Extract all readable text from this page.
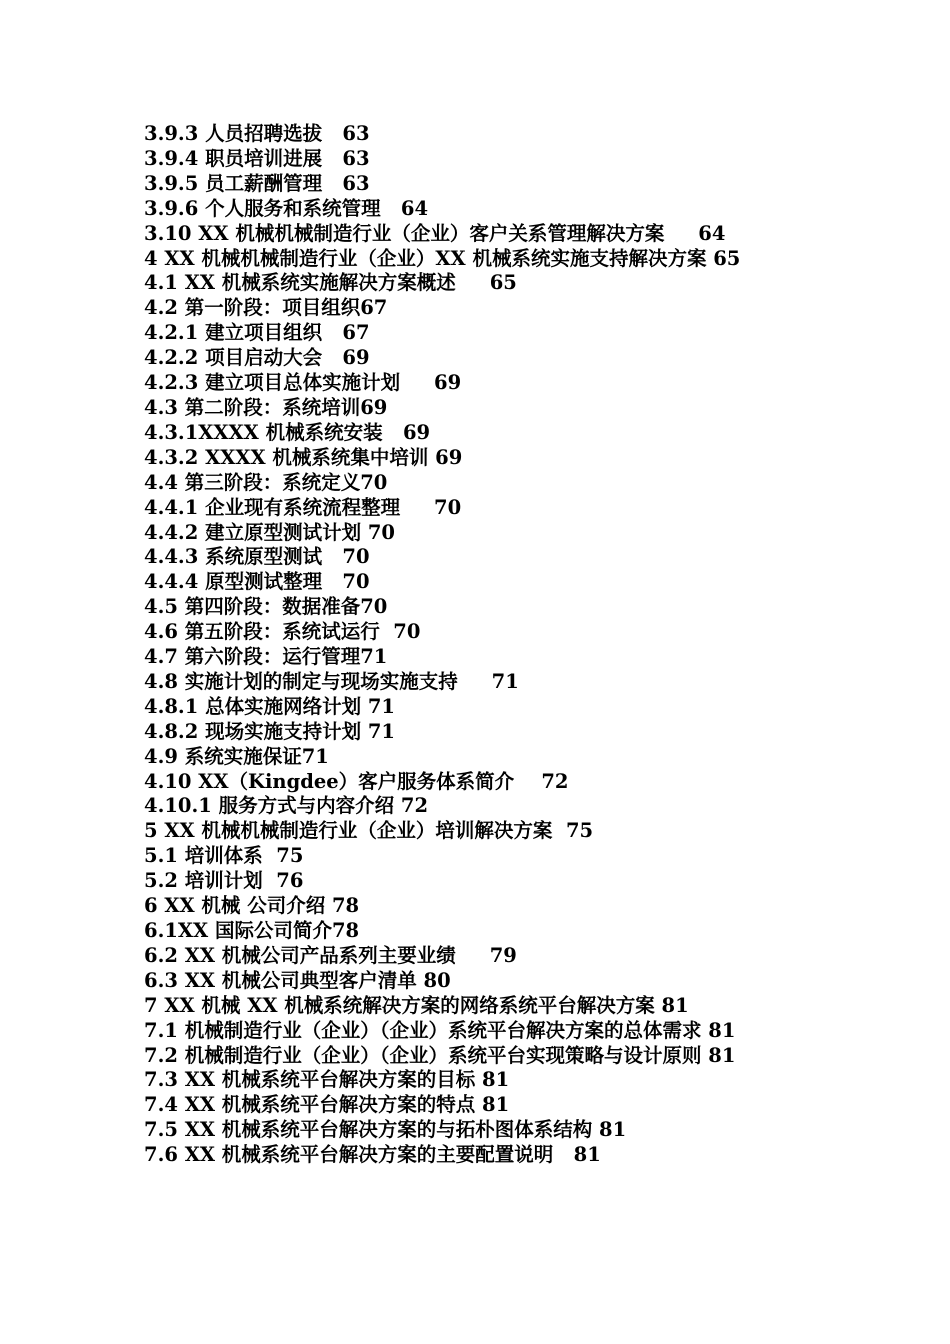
3.9.3 人员招聘选拔   63
3.9.4 职员培训进展   63
3.9.5 员工薪酬管理   63
3.9.6 个人服务和系统管理   64
3.10 XX 机械机械制造行业（企业）客户关系管理解决方案     64
4 XX 机械机械制造行业（企业）XX 机械系统实施支持解决方案 65
4.1 XX 机械系统实施解决方案概述     65
4.2 第一阶段：项目组织67
4.2.1 建立项目组织   67
4.2.2 项目启动大会   69
4.2.3 建立项目总体实施计划     69
4.3 第二阶段：系统培训69
4.3.1XXXX 机械系统安装   69
4.3.2 XXXX 机械系统集中培训 69
4.4 第三阶段：系统定义70
4.4.1 企业现有系统流程整理     70
4.4.2 建立原型测试计划 70
4.4.3 系统原型测试   70
4.4.4 原型测试整理   70
4.5 第四阶段：数据准备70
4.6 第五阶段：系统试运行  70
4.7 第六阶段：运行管理71
4.8 实施计划的制定与现场实施支持     71
4.8.1 总体实施网络计划 71
4.8.2 现场实施支持计划 71
4.9 系统实施保证71
4.10 XX（Kingdee）客户服务体系简介    72
4.10.1 服务方式与内容介绍 72
5 XX 机械机械制造行业（企业）培训解决方案  75
5.1 培训体系  75
5.2 培训计划  76
6 XX 机械 公司介绍 78
6.1XX 国际公司简介78
6.2 XX 机械公司产品系列主要业绩     79
6.3 XX 机械公司典型客户清单 80
7 XX 机械 XX 机械系统解决方案的网络系统平台解决方案 81
7.1 机械制造行业（企业）（企业）系统平台解决方案的总体需求 81
7.2 机械制造行业（企业）（企业）系统平台实现策略与设计原则 81
7.3 XX 机械系统平台解决方案的目标 81
7.4 XX 机械系统平台解决方案的特点 81
7.5 XX 机械系统平台解决方案的与拓朴图体系结构 81
7.6 XX 机械系统平台解决方案的主要配置说明   81
